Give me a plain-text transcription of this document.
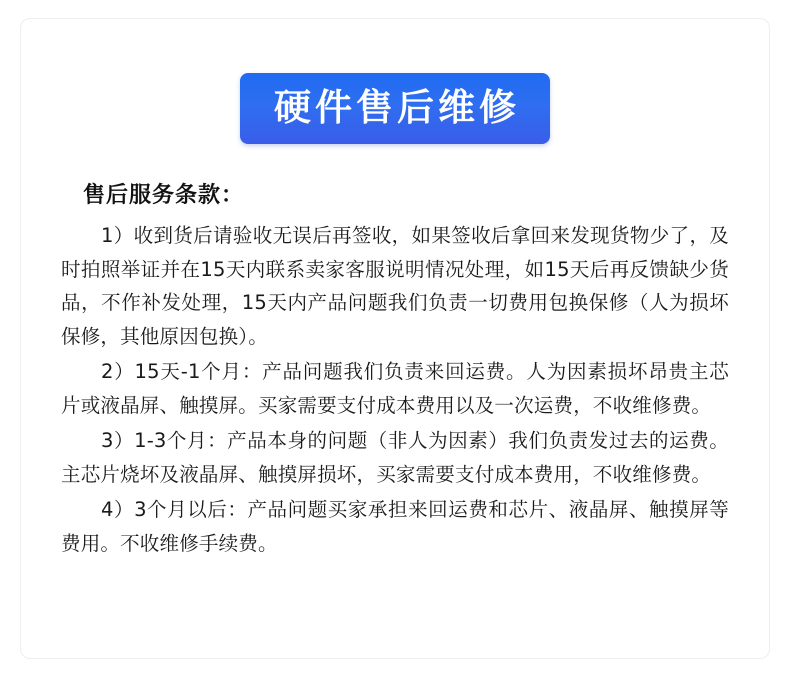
硬件售后维修
售后服务条款：

1）收到货后请验收无误后再签收，如果签收后拿回来发现货物少了，及时拍照举证并在15天内联系卖家客服说明情况处理，如15天后再反馈缺少货品，不作补发处理，15天内产品问题我们负责一切费用包换保修（人为损坏保修，其他原因包换）。

2）15天-1个月：产品问题我们负责来回运费。人为因素损坏昂贵主芯片或液晶屏、触摸屏。买家需要支付成本费用以及一次运费，不收维修费。

3）1-3个月：产品本身的问题（非人为因素）我们负责发过去的运费。主芯片烧坏及液晶屏、触摸屏损坏，买家需要支付成本费用，不收维修费。

4）3个月以后：产品问题买家承担来回运费和芯片、液晶屏、触摸屏等费用。不收维修手续费。
